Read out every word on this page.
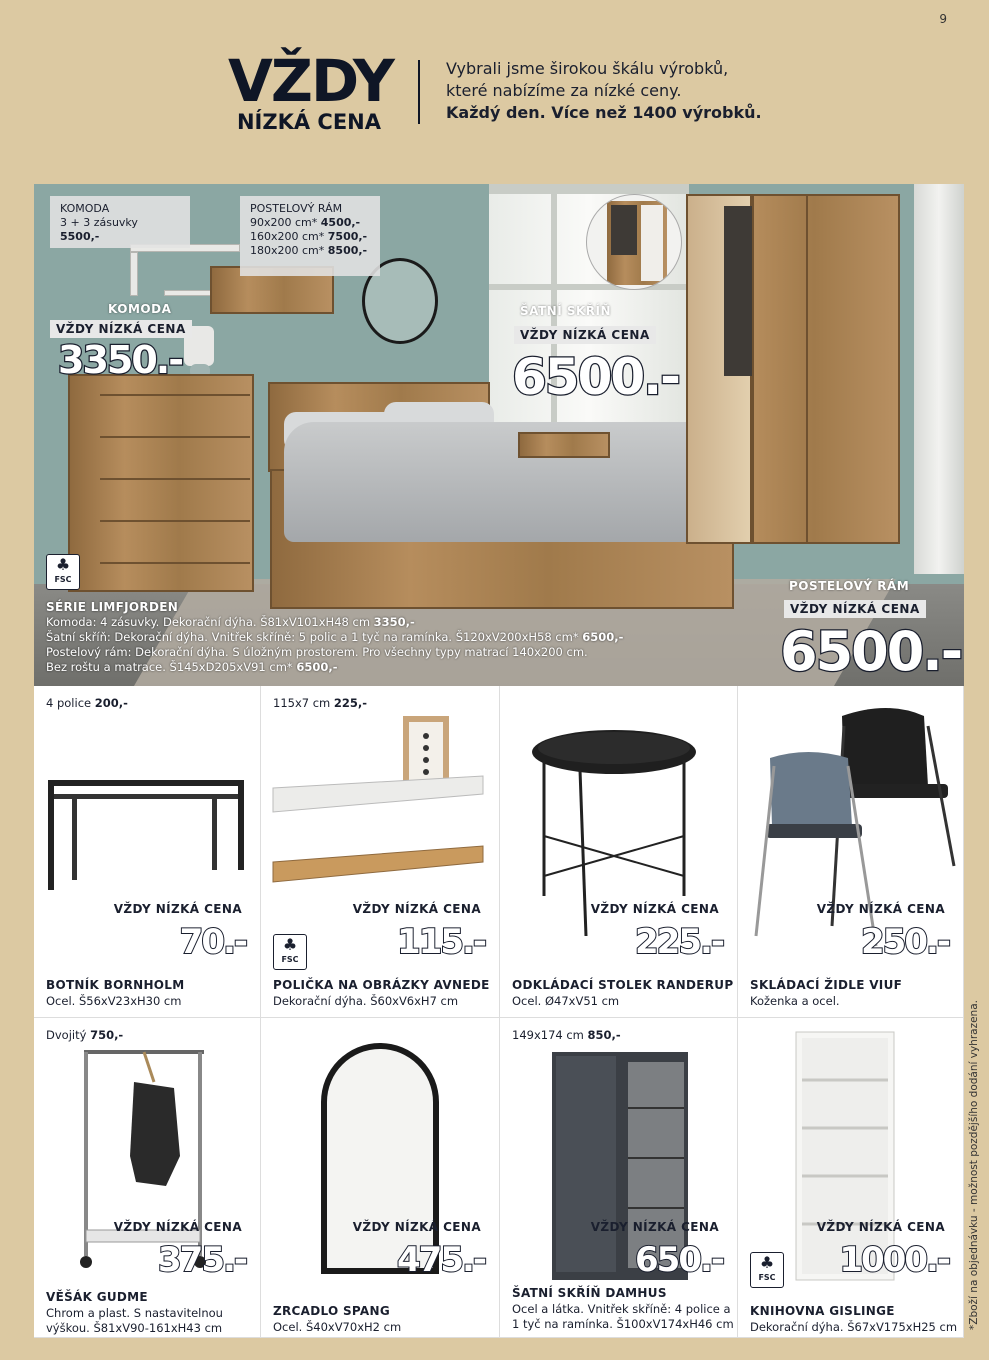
9
VŽDY
NÍZKÁ CENA
Vybrali jsme širokou škálu výrobků,
které nabízíme za nízké ceny.
Každý den. Více než 1400 výrobků.
KOMODA
3 + 3 zásuvky 5500,-
POSTELOVÝ RÁM
90x200 cm* 4500,-
160x200 cm* 7500,-
180x200 cm* 8500,-
KOMODA
VŽDY NÍZKÁ CENA
3350.-
ŠATNÍ SKŘÍŇ
VŽDY NÍZKÁ CENA
6500.-
POSTELOVÝ RÁM
VŽDY NÍZKÁ CENA
6500.-
♣
FSC
SÉRIE LIMFJORDEN
Komoda: 4 zásuvky. Dekorační dýha. Š81xV101xH48 cm 3350,-
Šatní skříň: Dekorační dýha. Vnitřek skříně: 5 polic a 1 tyč na ramínka. Š120xV200xH58 cm* 6500,-
Postelový rám: Dekorační dýha. S úložným prostorem. Pro všechny typy matrací 140x200 cm.
Bez roštu a matrace. Š145xD205xV91 cm* 6500,-
4 police 200,-
VŽDY NÍZKÁ CENA
70.-
BOTNÍK BORNHOLM
Ocel. Š56xV23xH30 cm
115x7 cm 225,-
VŽDY NÍZKÁ CENA
115.-
♣
FSC
POLIČKA NA OBRÁZKY AVNEDE
Dekorační dýha. Š60xV6xH7 cm
VŽDY NÍZKÁ CENA
225.-
ODKLÁDACÍ STOLEK RANDERUP
Ocel. Ø47xV51 cm
VŽDY NÍZKÁ CENA
250.-
SKLÁDACÍ ŽIDLE VIUF
Koženka a ocel.
Dvojitý 750,-
VŽDY NÍZKÁ CENA
375.-
VĚŠÁK GUDME
Chrom a plast. S nastavitelnou
výškou. Š81xV90-161xH43 cm
VŽDY NÍZKÁ CENA
475.-
ZRCADLO SPANG
Ocel. Š40xV70xH2 cm
149x174 cm 850,-
VŽDY NÍZKÁ CENA
650.-
ŠATNÍ SKŘÍŇ DAMHUS
Ocel a látka. Vnitřek skříně: 4 police a
1 tyč na ramínka. Š100xV174xH46 cm
VŽDY NÍZKÁ CENA
1000.-
♣
FSC
KNIHOVNA GISLINGE
Dekorační dýha. Š67xV175xH25 cm *Zboží na objednávku - možnost pozdějšího dodání vyhrazena.
